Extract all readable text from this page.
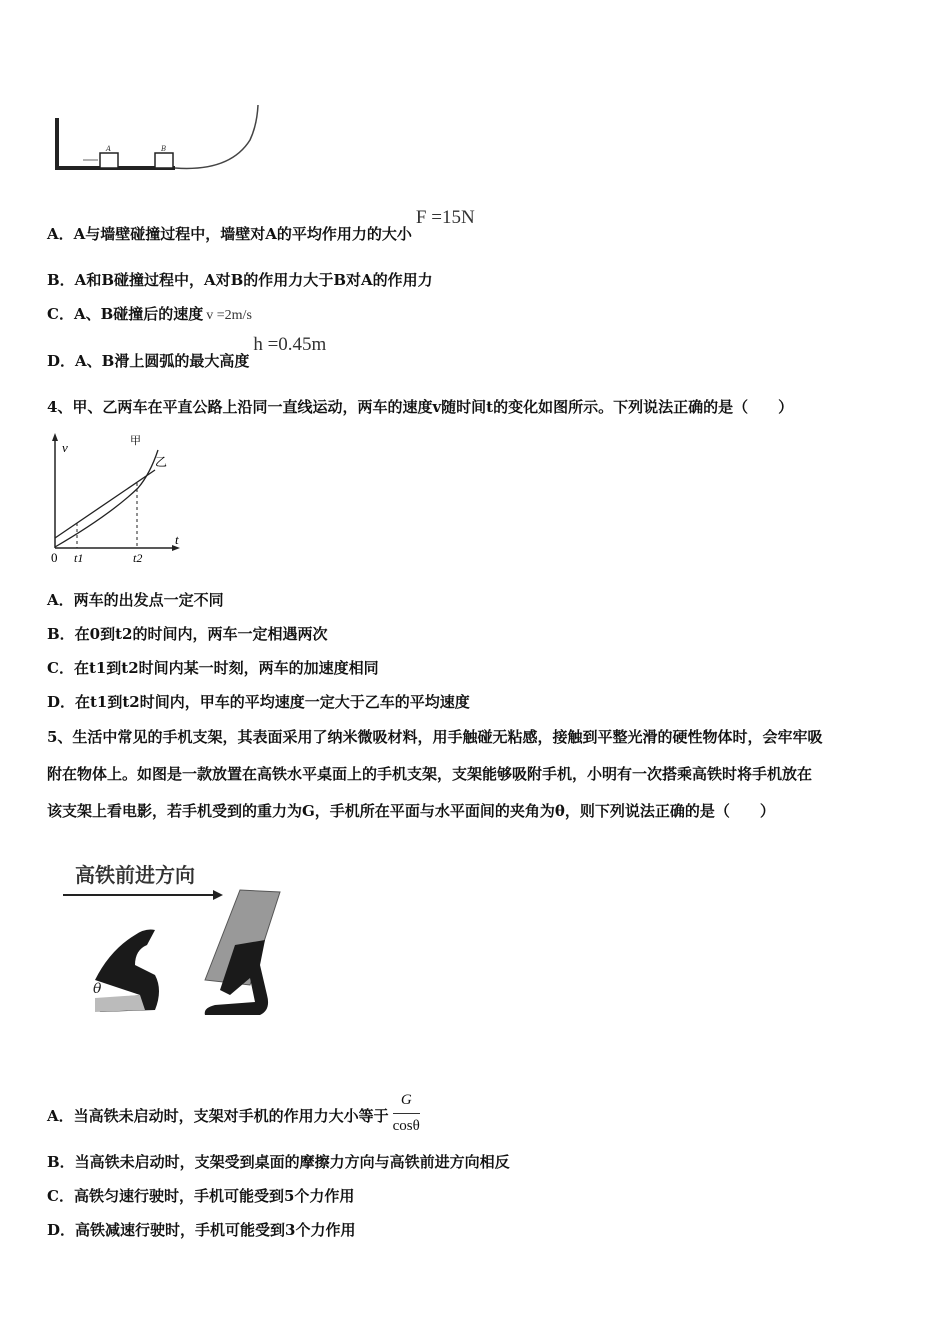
A	B
A．A与墙壁碰撞过程中，墙壁对A的平均作用力的大小F =15N
B．A和B碰撞过程中，A对B的作用力大于B对A的作用力
C．A、B碰撞后的速度 v =2m/s
D．A、B滑上圆弧的最大高度h =0.45m
4、甲、乙两车在平直公路上沿同一直线运动，两车的速度v随时间t的变化如图所示。下列说法正确的是（　　）
v
t
0 t1	t2
甲
乙
A．两车的出发点一定不同
B．在0到t2的时间内，两车一定相遇两次
C．在t1到t2时间内某一时刻，两车的加速度相同
D．在t1到t2时间内，甲车的平均速度一定大于乙车的平均速度
5、生活中常见的手机支架，其表面采用了纳米微吸材料，用手触碰无粘感，接触到平整光滑的硬性物体时，会牢牢吸
附在物体上。如图是一款放置在高铁水平桌面上的手机支架，支架能够吸附手机，小明有一次搭乘高铁时将手机放在
该支架上看电影，若手机受到的重力为G，手机所在平面与水平面间的夹角为θ，则下列说法正确的是（　　）
高铁前进方向
θ
A．当高铁未启动时，支架对手机的作用力大小等于 $\frac{G}{\cos\theta}$
B．当高铁未启动时，支架受到桌面的摩擦力方向与高铁前进方向相反
C．高铁匀速行驶时，手机可能受到5个力作用
D．高铁减速行驶时，手机可能受到3个力作用
